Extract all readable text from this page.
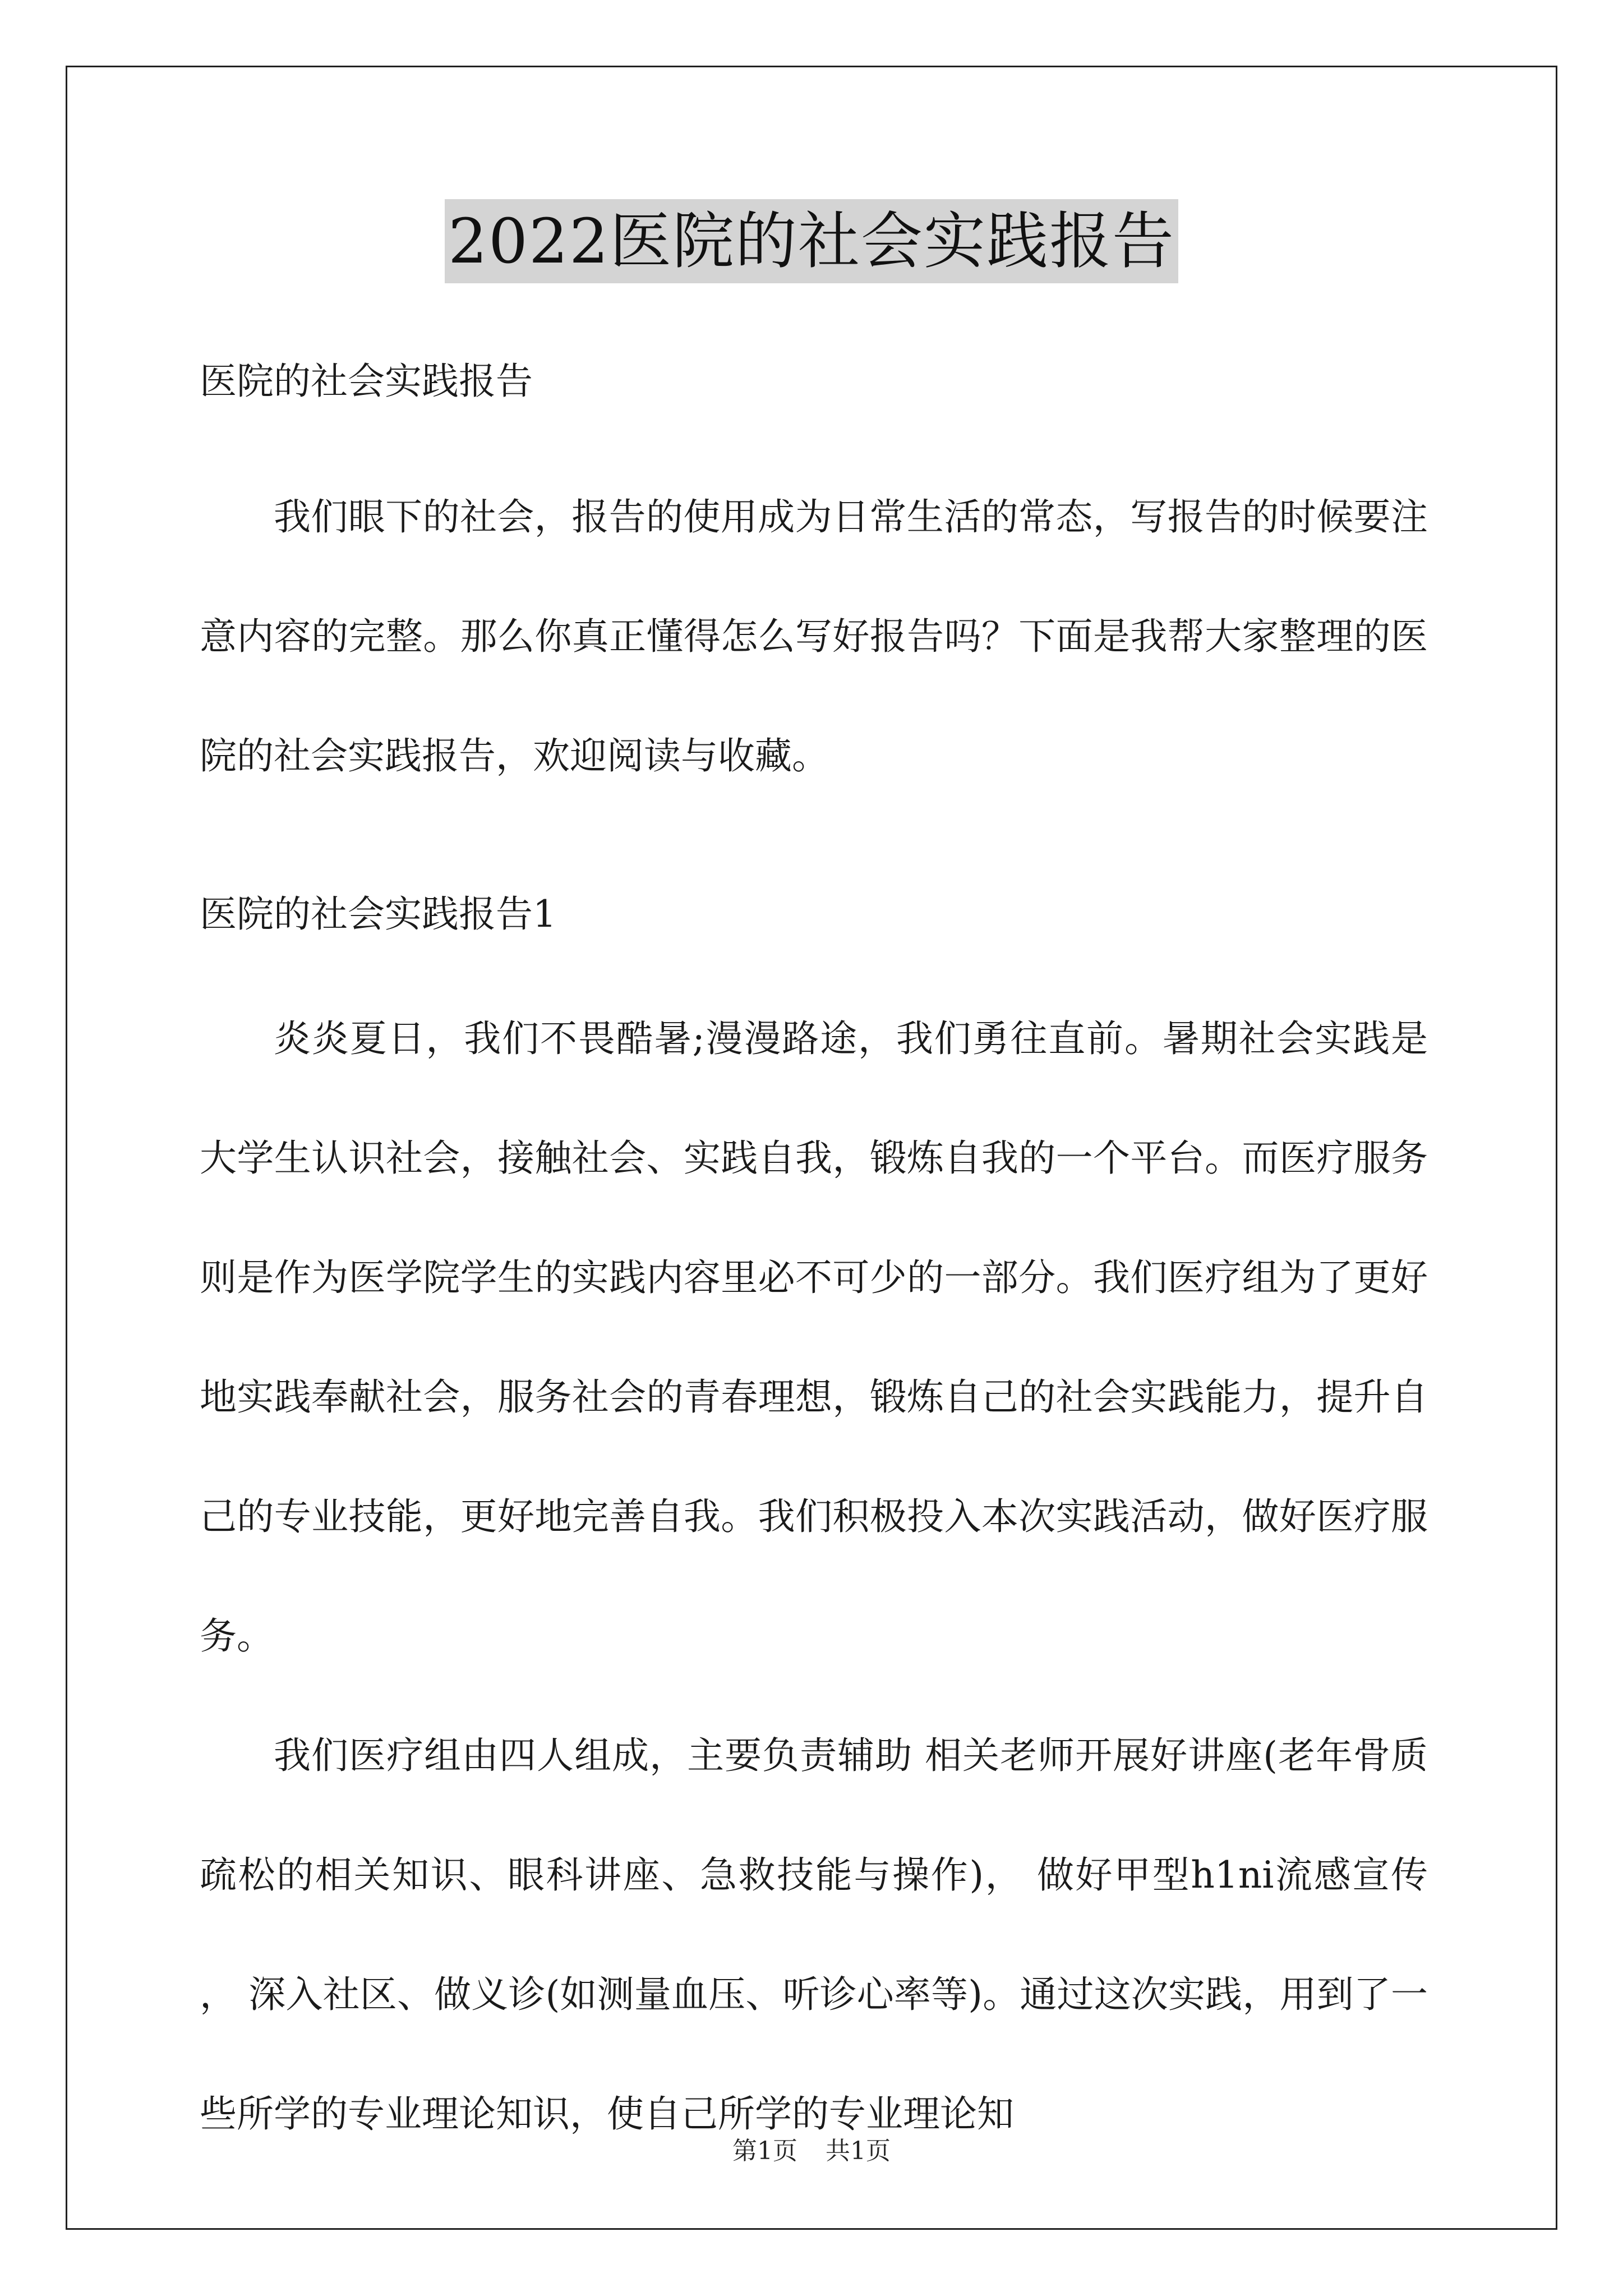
2022医院的社会实践报告
医院的社会实践报告

我们眼下的社会，报告的使用成为日常生活的常态，写报告的时候要注意内容的完整。那么你真正懂得怎么写好报告吗？下面是我帮大家整理的医院的社会实践报告，欢迎阅读与收藏。

医院的社会实践报告1

炎炎夏日，我们不畏酷暑;漫漫路途，我们勇往直前。暑期社会实践是大学生认识社会，接触社会、实践自我，锻炼自我的一个平台。而医疗服务则是作为医学院学生的实践内容里必不可少的一部分。我们医疗组为了更好地实践奉献社会，服务社会的青春理想，锻炼自己的社会实践能力，提升自己的专业技能，更好地完善自我。我们积极投入本次实践活动，做好医疗服务。

我们医疗组由四人组成，主要负责辅助 相关老师开展好讲座(老年骨质疏松的相关知识、眼科讲座、急救技能与操作)， 做好甲型h1ni流感宣传 ， 深入社区、做义诊(如测量血压、听诊心率等)。通过这次实践，用到了一些所学的专业理论知识，使自己所学的专业理论知

第1页 共1页
